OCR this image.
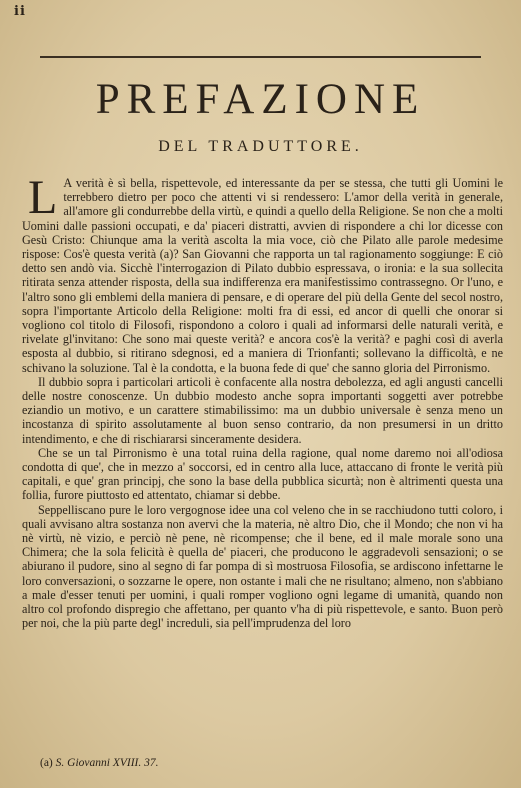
ii
PREFAZIONE
DEL TRADUTTORE.

L A verità è sì bella, rispettevole, ed interessante da per se stessa, che tutti gli Uomini le terrebbero dietro per poco che attenti vi si rendessero: L'amor della verità in generale, all'amore gli condurrebbe della virtù, e quindi a quello della Religione. Se non che a molti Uomini dalle passioni occupati, e da' piaceri distratti, avvien di rispondere a chi lor dicesse con Gesù Cristo: Chiunque ama la verità ascolta la mia voce, ciò che Pilato alle parole medesime rispose: Cos'è questa verità (a)? San Giovanni che rapporta un tal ragionamento soggiunge: E ciò detto sen andò via. Sicchè l'interrogazion di Pilato dubbio espressava, o ironia: e la sua sollecita ritirata senza attender risposta, della sua indifferenza era manifestissimo contrassegno. Or l'uno, e l'altro sono gli emblemi della maniera di pensare, e di operare del più della Gente del secol nostro, sopra l'importante Articolo della Religione: molti fra di essi, ed ancor di quelli che onorar si vogliono col titolo di Filosofi, rispondono a coloro i quali ad informarsi delle naturali verità, e rivelate gl'invitano: Che sono mai queste verità? e ancora cos'è la verità? e paghi così di averla esposta al dubbio, si ritirano sdegnosi, ed a maniera di Trionfanti; sollevano la difficoltà, e ne schivano la soluzione. Tal è la condotta, e la buona fede di que' che sanno gloria del Pirronismo.

Il dubbio sopra i particolari articoli è confacente alla nostra debolezza, ed agli angusti cancelli delle nostre conoscenze. Un dubbio modesto anche sopra importanti soggetti aver potrebbe eziandio un motivo, e un carattere stimabilissimo: ma un dubbio universale è senza meno un incostanza di spirito assolutamente al buon senso contrario, da non presumersi in un dritto intendimento, e che di rischiararsi sinceramente desidera.

Che se un tal Pirronismo è una total ruina della ragione, qual nome daremo noi all'odiosa condotta di que', che in mezzo a' soccorsi, ed in centro alla luce, attaccano di fronte le verità più capitali, e que' gran principj, che sono la base della pubblica sicurtà; non è altrimenti questa una follia, furore piuttosto ed attentato, chiamar si debbe.

Seppelliscano pure le loro vergognose idee una col veleno che in se racchiudono tutti coloro, i quali avvisano altra sostanza non avervi che la materia, nè altro Dio, che il Mondo; che non vi ha nè virtù, nè vizio, e perciò nè pene, nè ricompense; che il bene, ed il male morale sono una Chimera; che la sola felicità è quella de' piaceri, che producono le aggradevoli sensazioni; o se abiurano il pudore, sino al segno di far pompa di sì mostruosa Filosofia, se ardiscono infettarne le loro conversazioni, o sozzarne le opere, non ostante i mali che ne risultano; almeno, non s'abbiano a male d'esser tenuti per uomini, i quali romper vogliono ogni legame di umanità, quando non altro col profondo dispregio che affettano, per quanto v'ha di più rispettevole, e santo. Buon però per noi, che la più parte degl' increduli, sia pell'imprudenza del loro

(a) S. Giovanni XVIII. 37.
